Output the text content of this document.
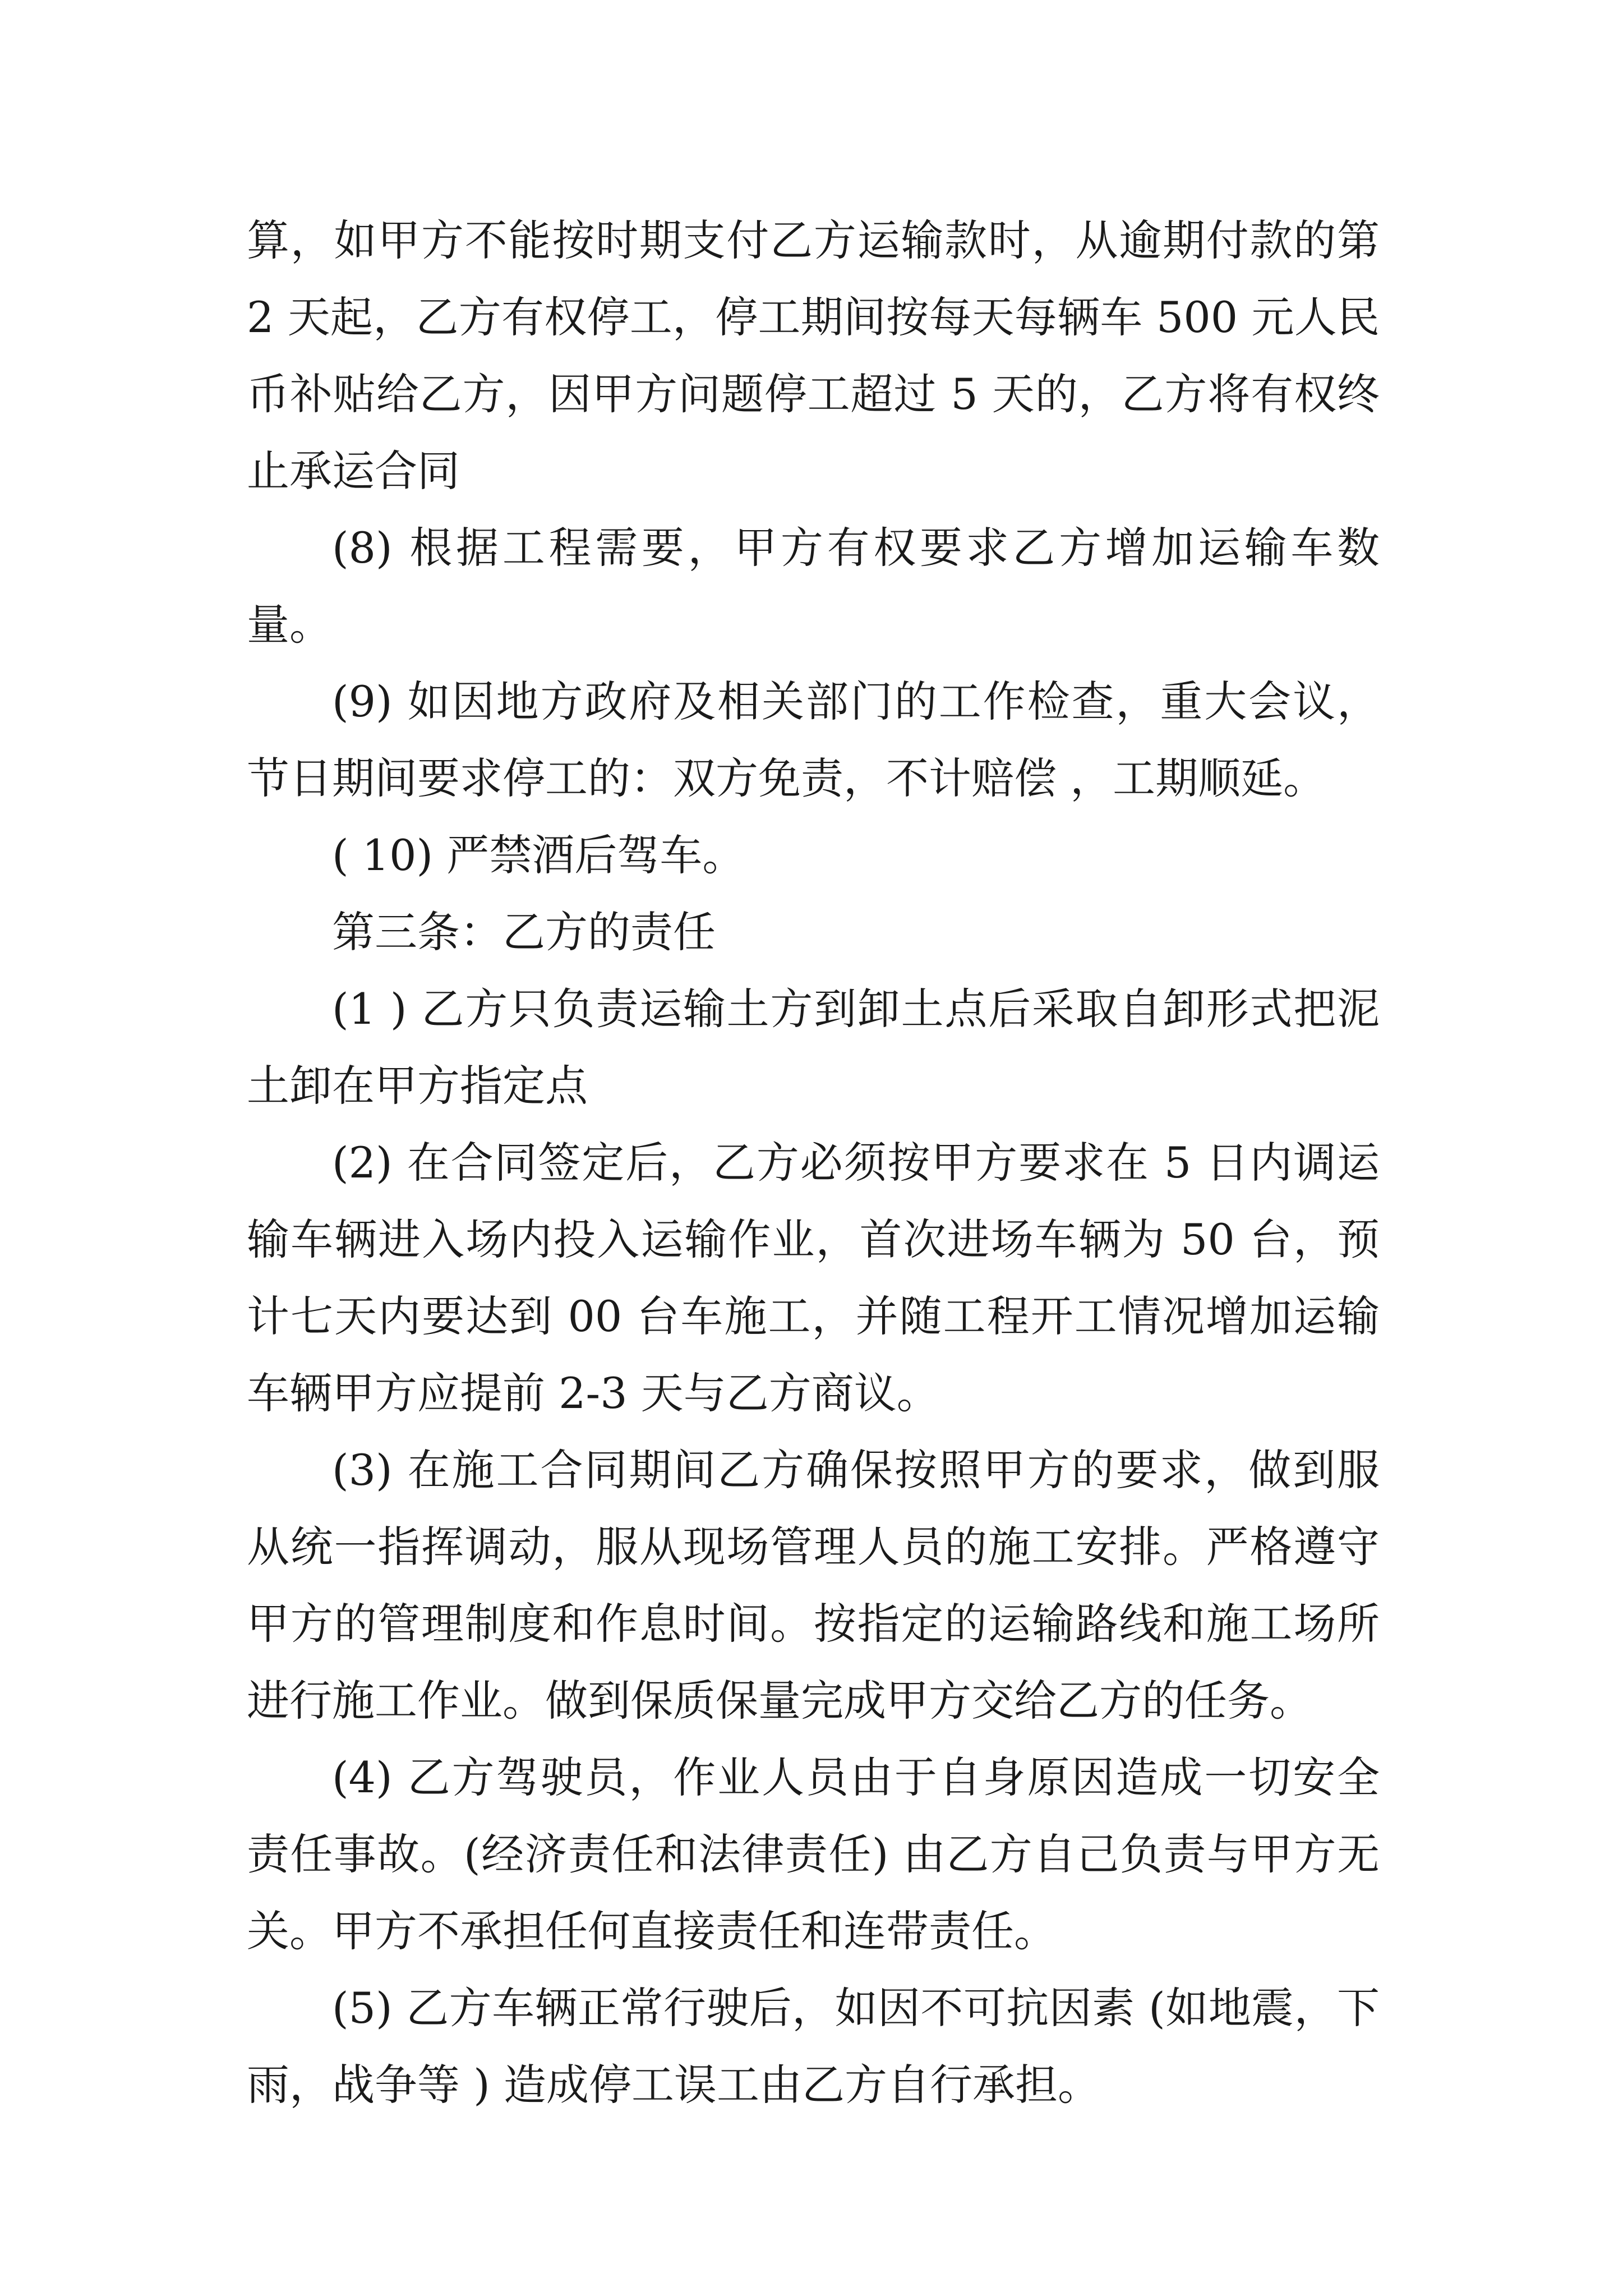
算，如甲方不能按时期支付乙方运输款时，从逾期付款的第 2 天起，乙方有权停工，停工期间按每天每辆车 500 元人民币补贴给乙方，因甲方问题停工超过 5 天的，乙方将有权终止承运合同

(8) 根据工程需要，甲方有权要求乙方增加运输车数量。

(9) 如因地方政府及相关部门的工作检查，重大会议，节日期间要求停工的：双方免责，不计赔偿 ，工期顺延。

( 10) 严禁酒后驾车。

第三条：乙方的责任

(1 ) 乙方只负责运输土方到卸土点后采取自卸形式把泥土卸在甲方指定点

(2) 在合同签定后，乙方必须按甲方要求在 5 日内调运输车辆进入场内投入运输作业，首次进场车辆为 50 台，预计七天内要达到 00 台车施工，并随工程开工情况增加运输车辆甲方应提前 2-3 天与乙方商议。

(3) 在施工合同期间乙方确保按照甲方的要求，做到服从统一指挥调动，服从现场管理人员的施工安排。严格遵守甲方的管理制度和作息时间。按指定的运输路线和施工场所进行施工作业。做到保质保量完成甲方交给乙方的任务。

(4) 乙方驾驶员，作业人员由于自身原因造成一切安全责任事故。(经济责任和法律责任) 由乙方自己负责与甲方无关。甲方不承担任何直接责任和连带责任。

(5) 乙方车辆正常行驶后，如因不可抗因素 (如地震，下雨，战争等 ) 造成停工误工由乙方自行承担。
